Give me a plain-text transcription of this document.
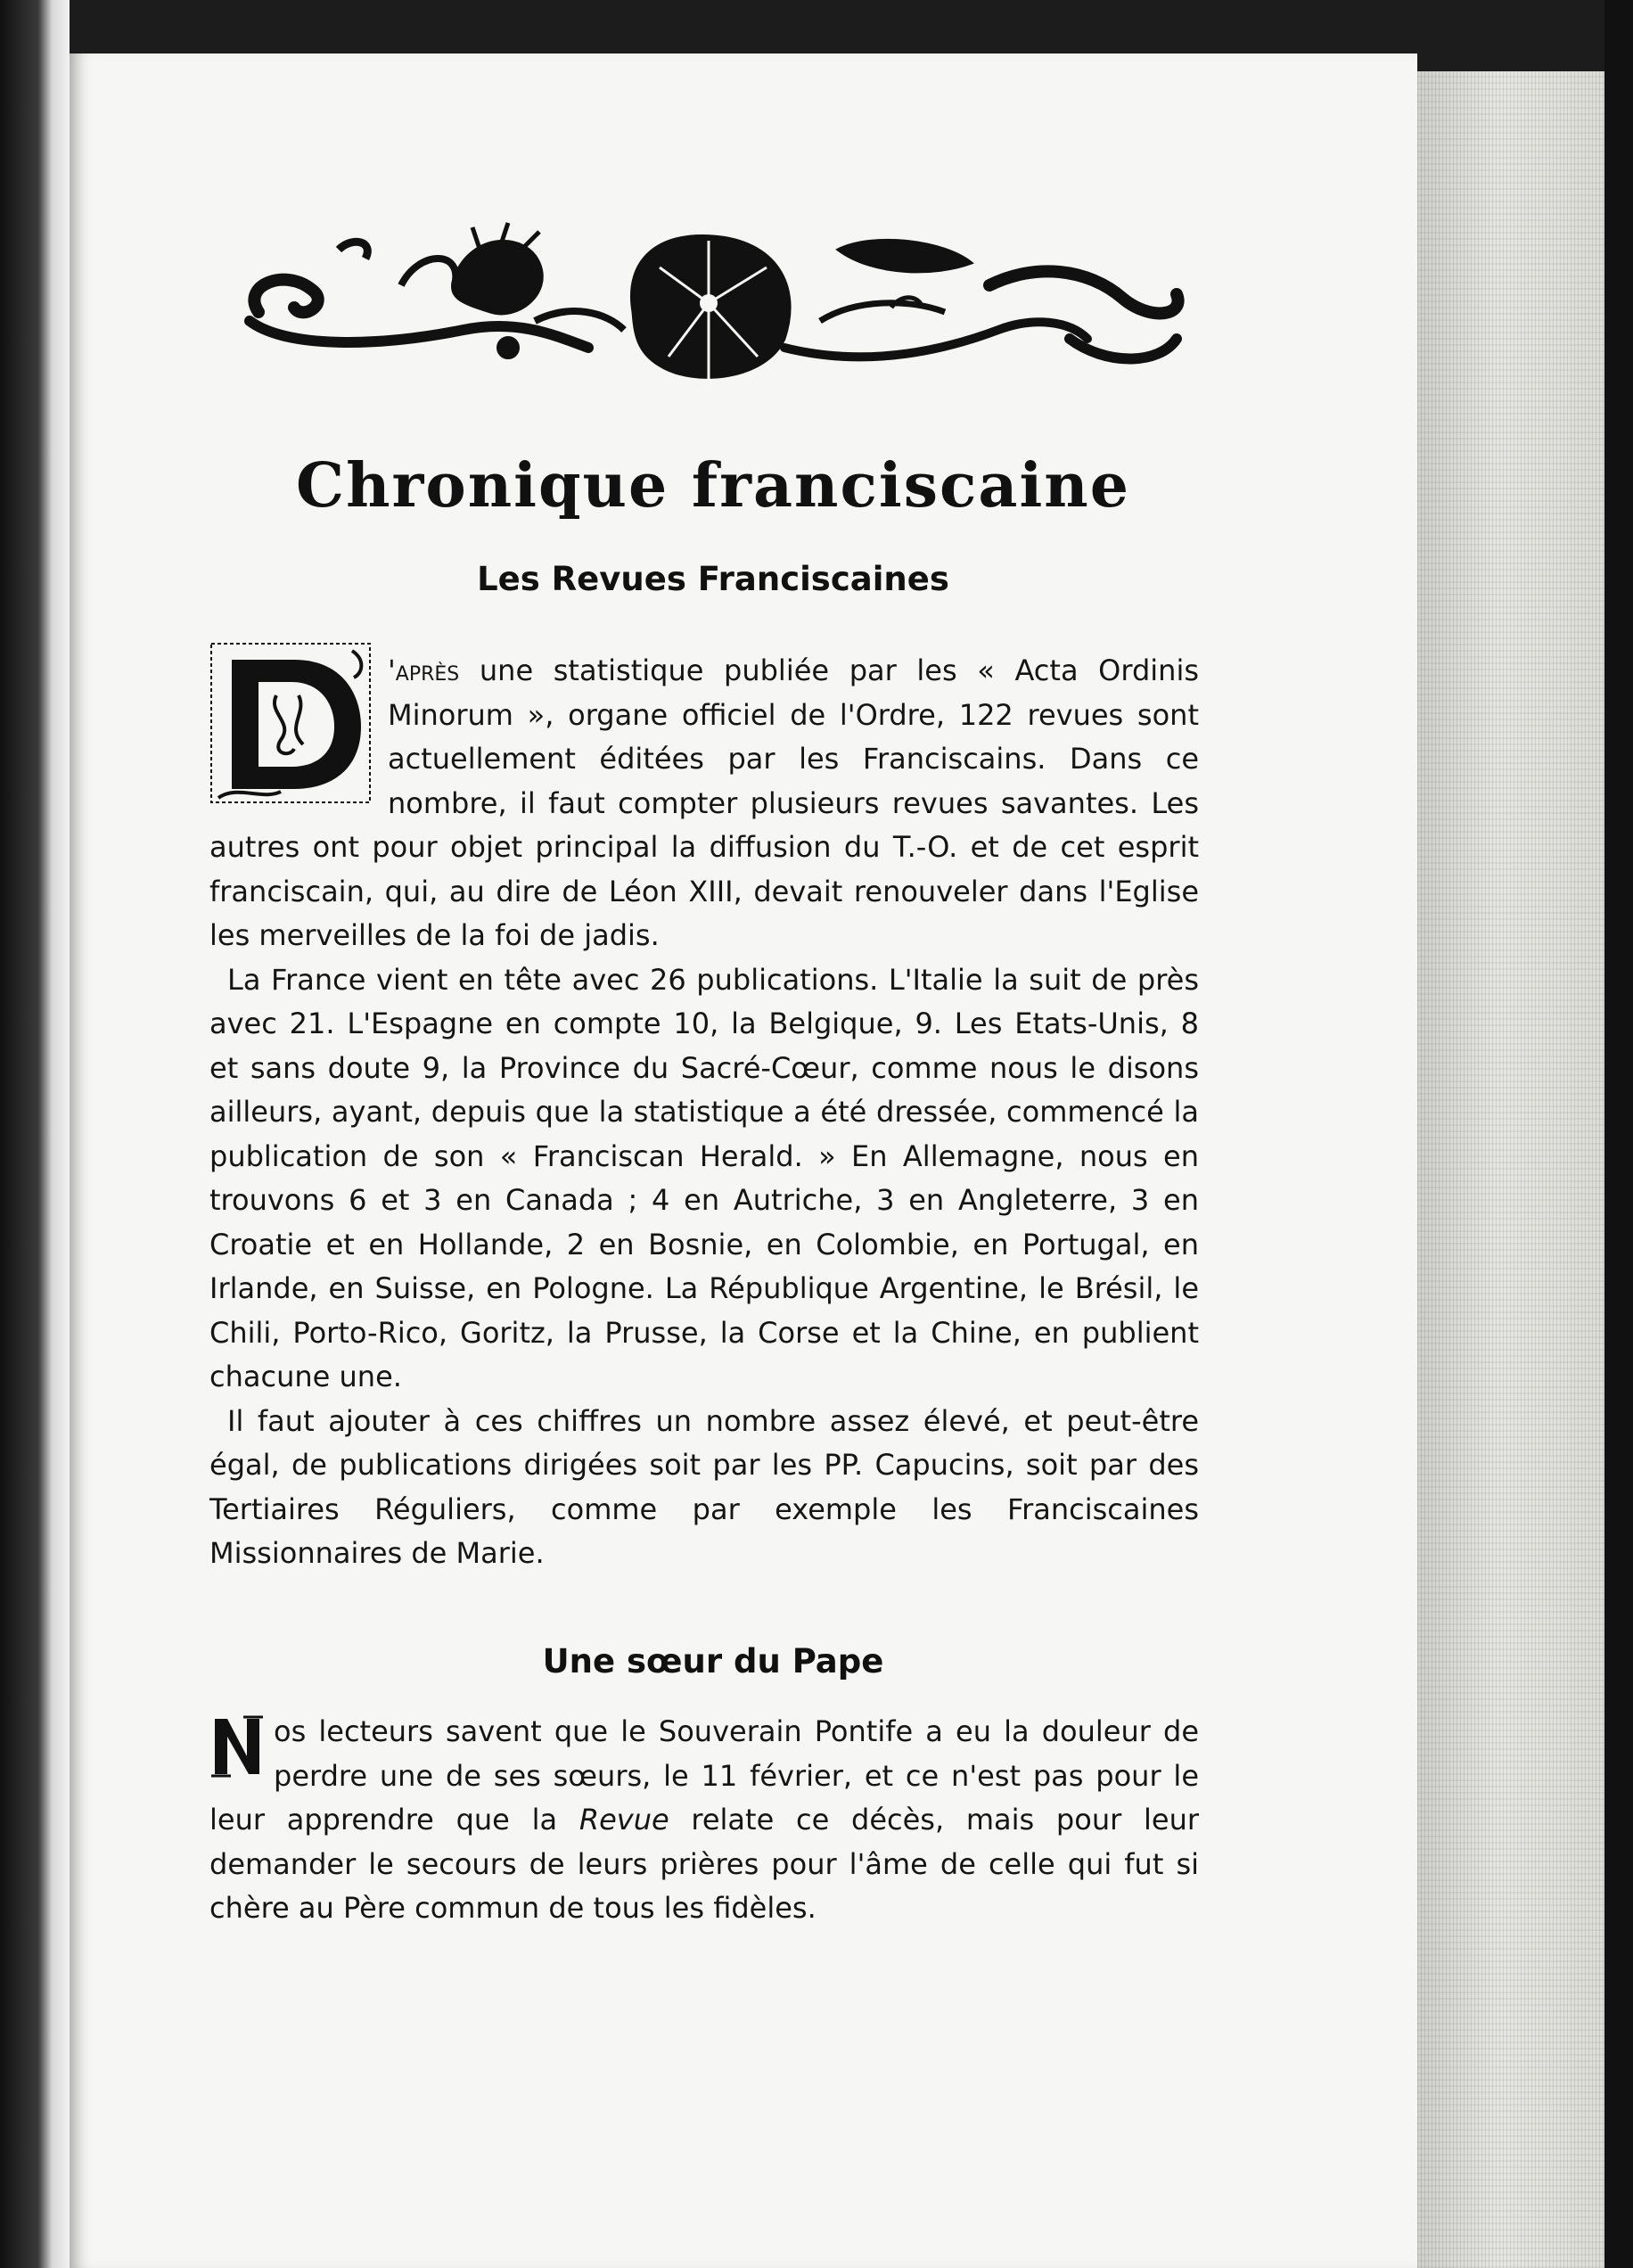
Chronique franciscaine
Les Revues Franciscaines

'après une statistique publiée par les « Acta Ordinis Minorum », organe officiel de l'Ordre, 122 revues sont actuellement éditées par les Franciscains. Dans ce nombre, il faut compter plusieurs revues savantes. Les autres ont pour objet principal la diffusion du T.-O. et de cet esprit franciscain, qui, au dire de Léon XIII, devait renouveler dans l'Eglise les merveilles de la foi de jadis.

La France vient en tête avec 26 publications. L'Italie la suit de près avec 21. L'Espagne en compte 10, la Belgique, 9. Les Etats-Unis, 8 et sans doute 9, la Province du Sacré-Cœur, comme nous le disons ailleurs, ayant, depuis que la statistique a été dressée, commencé la publication de son « Franciscan Herald. » En Allemagne, nous en trouvons 6 et 3 en Canada ; 4 en Autriche, 3 en Angleterre, 3 en Croatie et en Hollande, 2 en Bosnie, en Colombie, en Portugal, en Irlande, en Suisse, en Pologne. La République Argentine, le Brésil, le Chili, Porto-Rico, Goritz, la Prusse, la Corse et la Chine, en publient chacune une.

Il faut ajouter à ces chiffres un nombre assez élevé, et peut-être égal, de publications dirigées soit par les PP. Capucins, soit par des Tertiaires Réguliers, comme par exemple les Franciscaines Missionnaires de Marie.

Une sœur du Pape

os lecteurs savent que le Souverain Pontife a eu la douleur de perdre une de ses sœurs, le 11 février, et ce n'est pas pour le leur apprendre que la Revue relate ce décès, mais pour leur demander le secours de leurs prières pour l'âme de celle qui fut si chère au Père commun de tous les fidèles.
